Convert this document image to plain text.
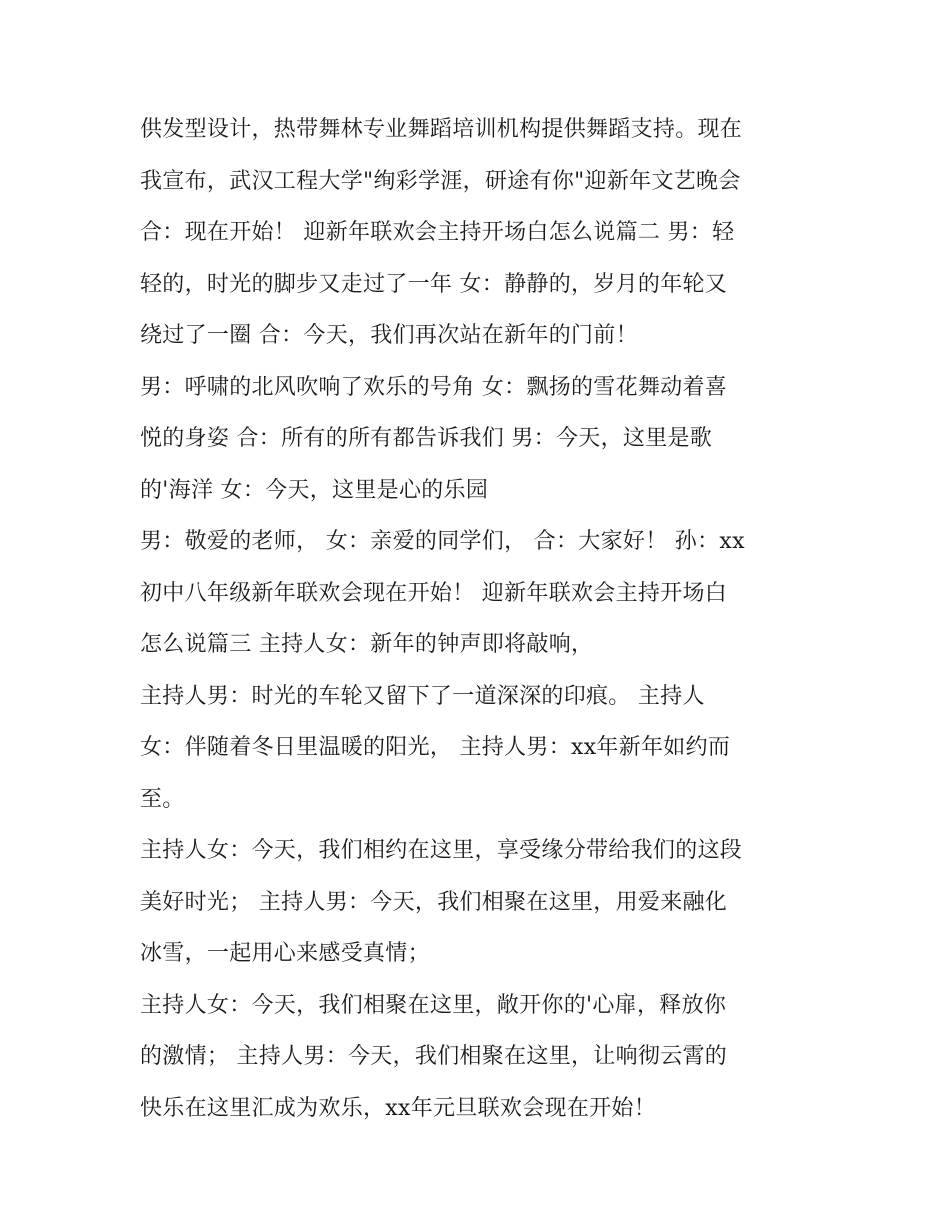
供发型设计，热带舞林专业舞蹈培训机构提供舞蹈支持。现在
我宣布，武汉工程大学"绚彩学涯，研途有你"迎新年文艺晚会
合：现在开始！ 迎新年联欢会主持开场白怎么说篇二 男：轻
轻的，时光的脚步又走过了一年 女：静静的，岁月的年轮又
绕过了一圈 合：今天，我们再次站在新年的门前！
男：呼啸的北风吹响了欢乐的号角 女：飘扬的雪花舞动着喜
悦的身姿 合：所有的所有都告诉我们 男：今天，这里是歌
的'海洋 女：今天，这里是心的乐园
男：敬爱的老师， 女：亲爱的同学们， 合：大家好！ 孙：xx
初中八年级新年联欢会现在开始！ 迎新年联欢会主持开场白
怎么说篇三 主持人女：新年的钟声即将敲响，
主持人男：时光的车轮又留下了一道深深的印痕。 主持人
女：伴随着冬日里温暖的阳光， 主持人男：xx年新年如约而
至。
主持人女：今天，我们相约在这里，享受缘分带给我们的这段
美好时光； 主持人男：今天，我们相聚在这里，用爱来融化
冰雪，一起用心来感受真情；
主持人女：今天，我们相聚在这里，敞开你的'心扉，释放你
的激情； 主持人男：今天，我们相聚在这里，让响彻云霄的
快乐在这里汇成为欢乐，xx年元旦联欢会现在开始！
